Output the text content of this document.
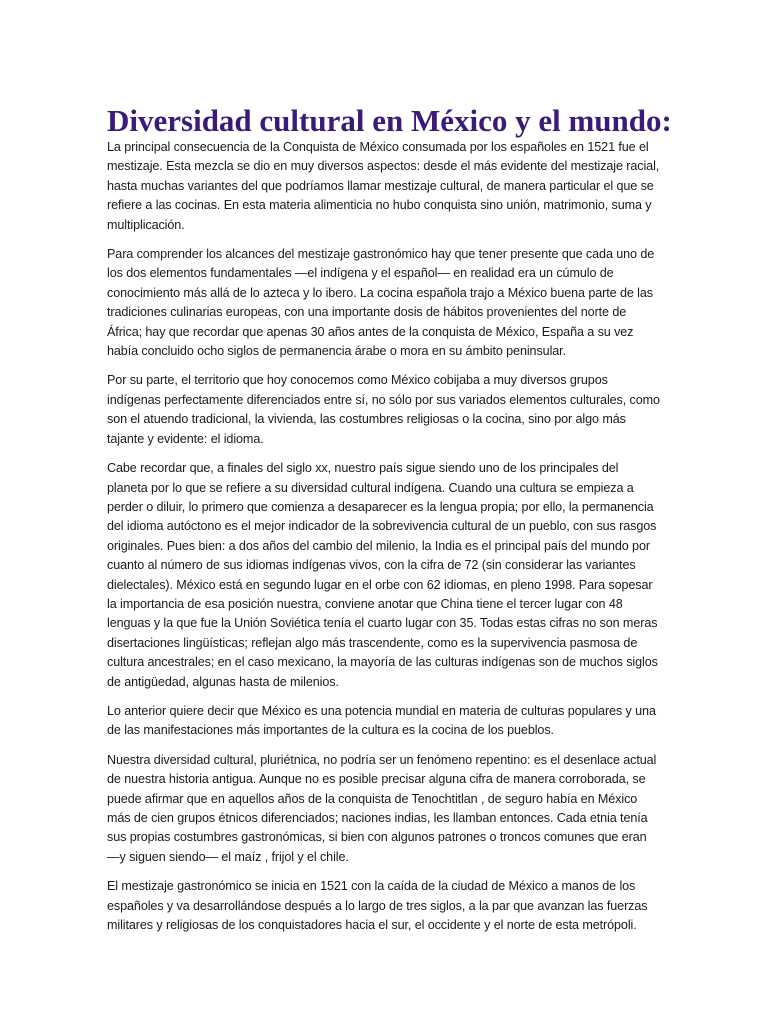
Diversidad cultural en México y el mundo:

La principal consecuencia de la Conquista de México consumada por los españoles en 1521 fue el mestizaje. Esta mezcla se dio en muy diversos aspectos: desde el más evidente del mestizaje racial, hasta muchas variantes del que podríamos llamar mestizaje cultural, de manera particular el que se refiere a las cocinas. En esta materia alimenticia no hubo conquista sino unión, matrimonio, suma y multiplicación.

Para comprender los alcances del mestizaje gastronómico hay que tener presente que cada uno de los dos elementos fundamentales —el indígena y el español— en realidad era un cúmulo de conocimiento más allá de lo azteca y lo ibero. La cocina española trajo a México buena parte de las tradiciones culinarias europeas, con una importante dosis de hábitos provenientes del norte de África; hay que recordar que apenas 30 años antes de la conquista de México, España a su vez había concluido ocho siglos de permanencia árabe o mora en su ámbito peninsular.

Por su parte, el territorio que hoy conocemos como México cobijaba a muy diversos grupos indígenas perfectamente diferenciados entre sí, no sólo por sus variados elementos culturales, como son el atuendo tradicional, la vivienda, las costumbres religiosas o la cocina, sino por algo más tajante y evidente: el idioma.

Cabe recordar que, a finales del siglo xx, nuestro país sigue siendo uno de los principales del planeta por lo que se refiere a su diversidad cultural indígena. Cuando una cultura se empieza a perder o diluir, lo primero que comienza a desaparecer es la lengua propia; por ello, la permanencia del idioma autóctono es el mejor indicador de la sobrevivencia cultural de un pueblo, con sus rasgos originales. Pues bien: a dos años del cambio del milenio, la India es el principal país del mundo por cuanto al número de sus idiomas indígenas vivos, con la cifra de 72 (sin considerar las variantes dielectales). México está en segundo lugar en el orbe con 62 idiomas, en pleno 1998. Para sopesar la importancia de esa posición nuestra, conviene anotar que China tiene el tercer lugar con 48 lenguas y la que fue la Unión Soviética tenía el cuarto lugar con 35. Todas estas cifras no son meras disertaciones lingüísticas; reflejan algo más trascendente, como es la supervivencia pasmosa de cultura ancestrales; en el caso mexicano, la mayoría de las culturas indígenas son de muchos siglos de antigüedad, algunas hasta de milenios.

Lo anterior quiere decir que México es una potencia mundial en materia de culturas populares y una de las manifestaciones más importantes de la cultura es la cocina de los pueblos.

Nuestra diversidad cultural, pluriétnica, no podría ser un fenómeno repentino: es el desenlace actual de nuestra historia antigua. Aunque no es posible precisar alguna cifra de manera corroborada, se puede afirmar que en aquellos años de la conquista de Tenochtitlan , de seguro había en México más de cien grupos étnicos diferenciados; naciones indias, les llamban entonces. Cada etnia tenía sus propias costumbres gastronómicas, si bien con algunos patrones o troncos comunes que eran —y siguen siendo— el maíz , frijol y el chile.

El mestizaje gastronómico se inicia en 1521 con la caída de la ciudad de México a manos de los españoles y va desarrollándose después a lo largo de tres siglos, a la par que avanzan las fuerzas militares y religiosas de los conquistadores hacia el sur, el occidente y el norte de esta metrópoli.
